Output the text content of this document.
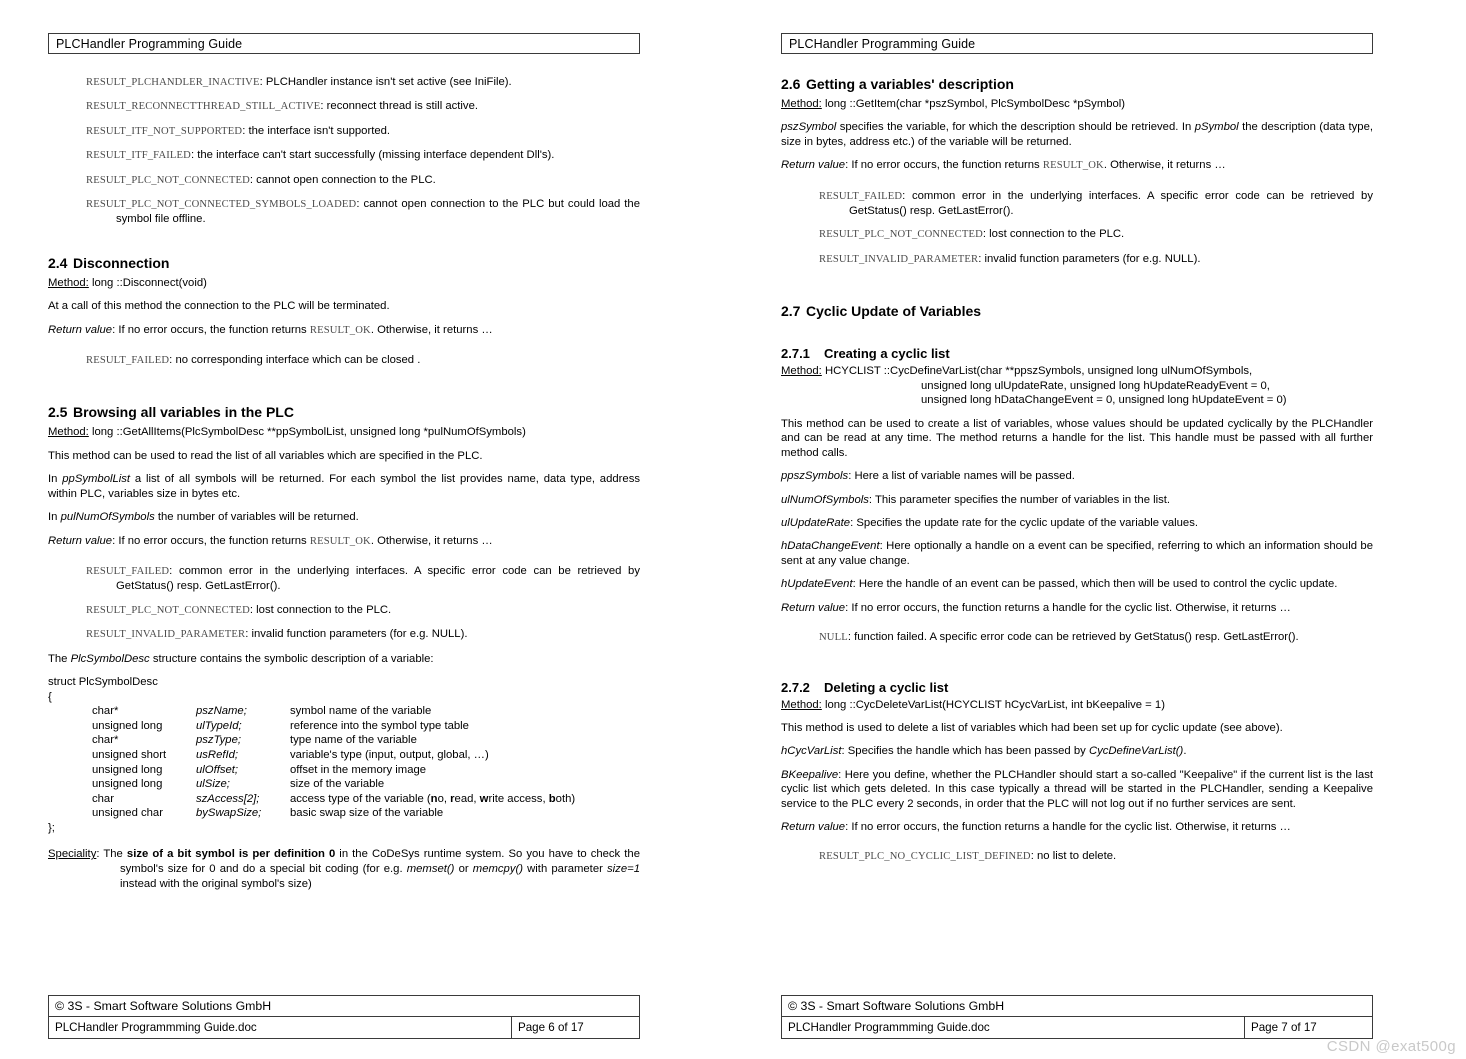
PLCHandler Programming Guide
RESULT_PLCHANDLER_INACTIVE: PLCHandler instance isn't set active (see IniFile).
RESULT_RECONNECTTHREAD_STILL_ACTIVE: reconnect thread is still active.
RESULT_ITF_NOT_SUPPORTED: the interface isn't supported.
RESULT_ITF_FAILED: the interface can't start successfully (missing interface dependent Dll's).
RESULT_PLC_NOT_CONNECTED: cannot open connection to the PLC.
RESULT_PLC_NOT_CONNECTED_SYMBOLS_LOADED: cannot open connection to the PLC but could load the symbol file offline.
2.4 Disconnection

Method: long ::Disconnect(void)

At a call of this method the connection to the PLC will be terminated.

Return value: If no error occurs, the function returns RESULT_OK. Otherwise, it returns …

RESULT_FAILED: no corresponding interface which can be closed .
2.5 Browsing all variables in the PLC

Method: long ::GetAllItems(PlcSymbolDesc **ppSymbolList, unsigned long *pulNumOfSymbols)

This method can be used to read the list of all variables which are specified in the PLC.

In ppSymbolList a list of all symbols will be returned. For each symbol the list provides name, data type, address within PLC, variables size in bytes etc.

In pulNumOfSymbols the number of variables will be returned.

Return value: If no error occurs, the function returns RESULT_OK. Otherwise, it returns …

RESULT_FAILED: common error in the underlying interfaces. A specific error code can be retrieved by GetStatus() resp. GetLastError().
RESULT_PLC_NOT_CONNECTED: lost connection to the PLC.
RESULT_INVALID_PARAMETER: invalid function parameters (for e.g. NULL).

The PlcSymbolDesc structure contains the symbolic description of a variable:

struct PlcSymbolDesc
{
char*	pszName;	symbol name of the variable
unsigned long	ulTypeId;	reference into the symbol type table
char*	pszType;	type name of the variable
unsigned short	usRefId;	variable's type (input, output, global, …)
unsigned long	ulOffset;	offset in the memory image
unsigned long	ulSize;	size of the variable
char	szAccess[2];	access type of the variable (no, read, write access, both)
unsigned char	bySwapSize;	basic swap size of the variable
};
Speciality: The size of a bit symbol is per definition 0 in the CoDeSys runtime system. So you have to check the symbol's size for 0 and do a special bit coding (for e.g. memset() or memcpy() with parameter size=1 instead with the original symbol's size)
© 3S - Smart Software Solutions GmbH
PLCHandler Programmming Guide.doc	Page 6 of 17
PLCHandler Programming Guide
2.6 Getting a variables' description

Method: long ::GetItem(char *pszSymbol, PlcSymbolDesc *pSymbol)

pszSymbol specifies the variable, for which the description should be retrieved. In pSymbol the description (data type, size in bytes, address etc.) of the variable will be returned.

Return value: If no error occurs, the function returns RESULT_OK. Otherwise, it returns …

RESULT_FAILED: common error in the underlying interfaces. A specific error code can be retrieved by GetStatus() resp. GetLastError().
RESULT_PLC_NOT_CONNECTED: lost connection to the PLC.
RESULT_INVALID_PARAMETER: invalid function parameters (for e.g. NULL).
2.7 Cyclic Update of Variables
2.7.1 Creating a cyclic list
Method: HCYCLIST ::CycDefineVarList(char **ppszSymbols, unsigned long ulNumOfSymbols,
unsigned long ulUpdateRate, unsigned long hUpdateReadyEvent = 0,
unsigned long hDataChangeEvent = 0, unsigned long hUpdateEvent = 0)

This method can be used to create a list of variables, whose values should be updated cyclically by the PLCHandler and can be read at any time. The method returns a handle for the list. This handle must be passed with all further method calls.

ppszSymbols: Here a list of variable names will be passed.

ulNumOfSymbols: This parameter specifies the number of variables in the list.

ulUpdateRate: Specifies the update rate for the cyclic update of the variable values.

hDataChangeEvent: Here optionally a handle on a event can be specified, referring to which an information should be sent at any value change.

hUpdateEvent: Here the handle of an event can be passed, which then will be used to control the cyclic update.

Return value: If no error occurs, the function returns a handle for the cyclic list. Otherwise, it returns …

NULL: function failed. A specific error code can be retrieved by GetStatus() resp. GetLastError().
2.7.2 Deleting a cyclic list

Method: long ::CycDeleteVarList(HCYCLIST hCycVarList, int bKeepalive = 1)

This method is used to delete a list of variables which had been set up for cyclic update (see above).

hCycVarList: Specifies the handle which has been passed by CycDefineVarList().

BKeepalive: Here you define, whether the PLCHandler should start a so-called "Keepalive" if the current list is the last cyclic list which gets deleted. In this case typically a thread will be started in the PLCHandler, sending a Keepalive service to the PLC every 2 seconds, in order that the PLC will not log out if no further services are sent.

Return value: If no error occurs, the function returns a handle for the cyclic list. Otherwise, it returns …

RESULT_PLC_NO_CYCLIC_LIST_DEFINED: no list to delete.
© 3S - Smart Software Solutions GmbH
PLCHandler Programmming Guide.doc	Page 7 of 17
CSDN @exat500g
